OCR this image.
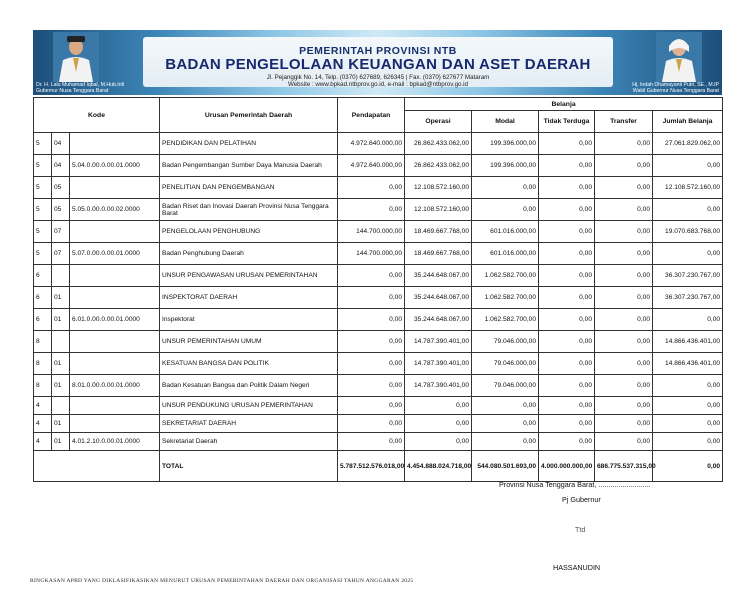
Dr. H. Lalu Muhamad Iqbal, M.Hub.Intl
Gubernur Nusa Tenggara Barat
PEMERINTAH PROVINSI NTB
BADAN PENGELOLAAN KEUANGAN DAN ASET DAERAH
Jl. Pejanggik No. 14, Telp. (0370) 627689, 626345 | Fax. (0370) 627677 Mataram
Website : www.bpkad.ntbprov.go.id, e-mail : bpkad@ntbprov.go.id	Hj. Indah Dhamayanti Putri, SE., M.IP
Wakil Gubernur Nusa Tenggara Barat
Kode			Urusan Pemerintah Daerah	Pendapatan	Belanja				
					Operasi	Modal	Tidak Terduga	Transfer	Jumlah Belanja
5	04		PENDIDIKAN DAN PELATIHAN	4.972.640.000,00	26.862.433.062,00	199.396.000,00	0,00	0,00	27.061.829.062,00
5	04	5.04.0.00.0.00.01.0000	Badan Pengembangan Sumber Daya Manusia Daerah	4.972.640.000,00	26.862.433.062,00	199.396.000,00	0,00	0,00	0,00
5	05		PENELITIAN DAN PENGEMBANGAN	0,00	12.108.572.160,00	0,00	0,00	0,00	12.108.572.160,00
5	05	5.05.0.00.0.00.02.0000	Badan Riset dan Inovasi Daerah Provinsi Nusa Tenggara Barat	0,00	12.108.572.160,00	0,00	0,00	0,00	0,00
5	07		PENGELOLAAN PENGHUBUNG	144.700.000,00	18.469.667.768,00	601.016.000,00	0,00	0,00	19.070.683.768,00
5	07	5.07.0.00.0.00.01.0000	Badan Penghubung Daerah	144.700.000,00	18.469.667.768,00	601.016.000,00	0,00	0,00	0,00
6			UNSUR PENGAWASAN URUSAN PEMERINTAHAN	0,00	35.244.648.067,00	1.062.582.700,00	0,00	0,00	36.307.230.767,00
6	01		INSPEKTORAT DAERAH	0,00	35.244.648.067,00	1.062.582.700,00	0,00	0,00	36.307.230.767,00
6	01	6.01.0.00.0.00.01.0000	Inspektorat	0,00	35.244.648.067,00	1.062.582.700,00	0,00	0,00	0,00
8			UNSUR PEMERINTAHAN UMUM	0,00	14.787.390.401,00	79.046.000,00	0,00	0,00	14.866.436.401,00
8	01		KESATUAN BANGSA DAN POLITIK	0,00	14.787.390.401,00	79.046.000,00	0,00	0,00	14.866.436.401,00
8	01	8.01.0.00.0.00.01.0000	Badan Kesatuan Bangsa dan Politik Dalam Negeri	0,00	14.787.390.401,00	79.046.000,00	0,00	0,00	0,00
4			UNSUR PENDUKUNG URUSAN PEMERINTAHAN	0,00	0,00	0,00	0,00	0,00	0,00
4	01		SEKRETARIAT DAERAH	0,00	0,00	0,00	0,00	0,00	0,00
4	01	4.01.2.10.0.00.01.0000	Sekretariat Daerah	0,00	0,00	0,00	0,00	0,00	0,00
			TOTAL	5.787.512.576.018,00	4.454.888.024.718,00	544.080.501.693,00	4.000.000.000,00	686.775.537.315,00	0,00
Provinsi Nusa Tenggara Barat, ..........................
Pj Gubernur
Ttd
HASSANUDIN
RINGKASAN APBD YANG DIKLASIFIKASIKAN MENURUT URUSAN PEMERINTAHAN DAERAH DAN ORGANISASI TAHUN ANGGARAN 2025
